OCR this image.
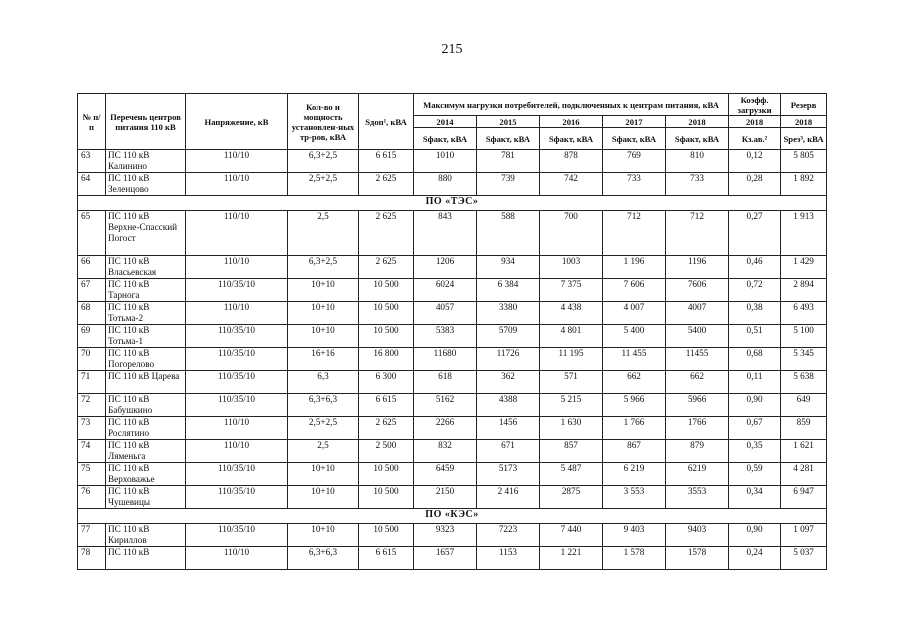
215
№ п/п	Перечень центров питания 110 кВ	Напряжение, кВ	Кол-во и мощность установлен-ных тр-ров, кВА	Sдоп¹, кВА	Максимум нагрузки потребителей, подключенных к центрам питания, кВА					Коэфф. загрузки	Резерв
					2014	2015	2016	2017	2018	2018	2018
					Sфакт, кВА	Sфакт, кВА	Sфакт, кВА	Sфакт, кВА	Sфакт, кВА	Кз.ав.²	Sрез³, кВА
63	ПС 110 кВ Калинино	110/10	6,3+2,5	6 615	1010	781	878	769	810	0,12	5 805
64	ПС 110 кВ Зеленцово	110/10	2,5+2,5	2 625	880	739	742	733	733	0,28	1 892
ПО «ТЭС»											
65	ПС 110 кВ Верхне-Спасский Погост	110/10	2,5	2 625	843	588	700	712	712	0,27	1 913
66	ПС 110 кВ Власьевская	110/10	6,3+2,5	2 625	1206	934	1003	1 196	1196	0,46	1 429
67	ПС 110 кВ Тарнога	110/35/10	10+10	10 500	6024	6 384	7 375	7 606	7606	0,72	2 894
68	ПС 110 кВ Тотьма-2	110/10	10+10	10 500	4057	3380	4 438	4 007	4007	0,38	6 493
69	ПС 110 кВ Тотьма-1	110/35/10	10+10	10 500	5383	5709	4 801	5 400	5400	0,51	5 100
70	ПС 110 кВ Погорелово	110/35/10	16+16	16 800	11680	11726	11 195	11 455	11455	0,68	5 345
71	ПС 110 кВ Царева	110/35/10	6,3	6 300	618	362	571	662	662	0,11	5 638
72	ПС 110 кВ Бабушкино	110/35/10	6,3+6,3	6 615	5162	4388	5 215	5 966	5966	0,90	649
73	ПС 110 кВ Рослятино	110/10	2,5+2,5	2 625	2266	1456	1 630	1 766	1766	0,67	859
74	ПС 110 кВ Ляменьга	110/10	2,5	2 500	832	671	857	867	879	0,35	1 621
75	ПС 110 кВ Верховажье	110/35/10	10+10	10 500	6459	5173	5 487	6 219	6219	0,59	4 281
76	ПС 110 кВ Чушевицы	110/35/10	10+10	10 500	2150	2 416	2875	3 553	3553	0,34	6 947
ПО «КЭС»											
77	ПС 110 кВ Кириллов	110/35/10	10+10	10 500	9323	7223	7 440	9 403	9403	0,90	1 097
78	ПС 110 кВ	110/10	6,3+6,3	6 615	1657	1153	1 221	1 578	1578	0,24	5 037
